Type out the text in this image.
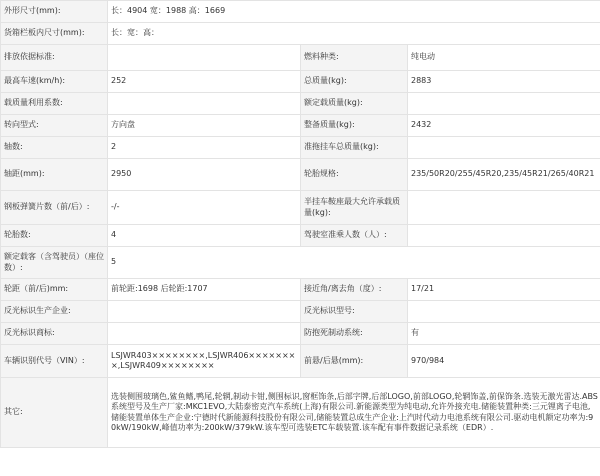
外形尺寸(mm):	长：4904 宽：1988 高：1669		
货箱栏板内尺寸(mm):	长：宽：高：		
排放依据标准:		燃料种类:	纯电动
最高车速(km/h):	252	总质量(kg):	2883
载质量利用系数:		额定载质量(kg):	
转向型式:	方向盘	整备质量(kg):	2432
轴数:	2	准拖挂车总质量(kg):	
轴距(mm):	2950	轮胎规格:	235/50R20/255/45R20,235/45R21/265/40R21
钢板弹簧片数（前/后）:	-/-	半挂车鞍座最大允许承载质量(kg):	
轮胎数:	4	驾驶室准乘人数（人）:	
额定载客（含驾驶员）（座位数）:	5		
轮距（前/后)mm:	前轮距:1698 后轮距:1707	接近角/离去角（度）:	17/21
反光标识生产企业:		反光标识型号:	
反光标识商标:		防抱死制动系统:	有
车辆识别代号（VIN）:	LSJWR403××××××××,LSJWR406××××××××,LSJWR409××××××××	前悬/后悬(mm):	970/984
其它:	选装侧围玻璃色,鲨鱼鳍,鸭尾,轮辋,制动卡钳,侧围标识,窗框饰条,后部字牌,后部LOGO,前部LOGO,轮辋饰盖,前保饰条.选装无激光雷达.ABS系统型号及生产厂家:MKC1EVO,大陆泰密克汽车系统(上海)有限公司.新能源类型为纯电动,允许外接充电.储能装置种类:三元锂离子电池,储能装置单体生产企业:宁德时代新能源科技股份有限公司,储能装置总成生产企业:上汽时代动力电池系统有限公司.驱动电机额定功率为:90kW/190kW,峰值功率为:200kW/379kW.该车型可选装ETC车载装置.该车配有事件数据记录系统（EDR）.		
